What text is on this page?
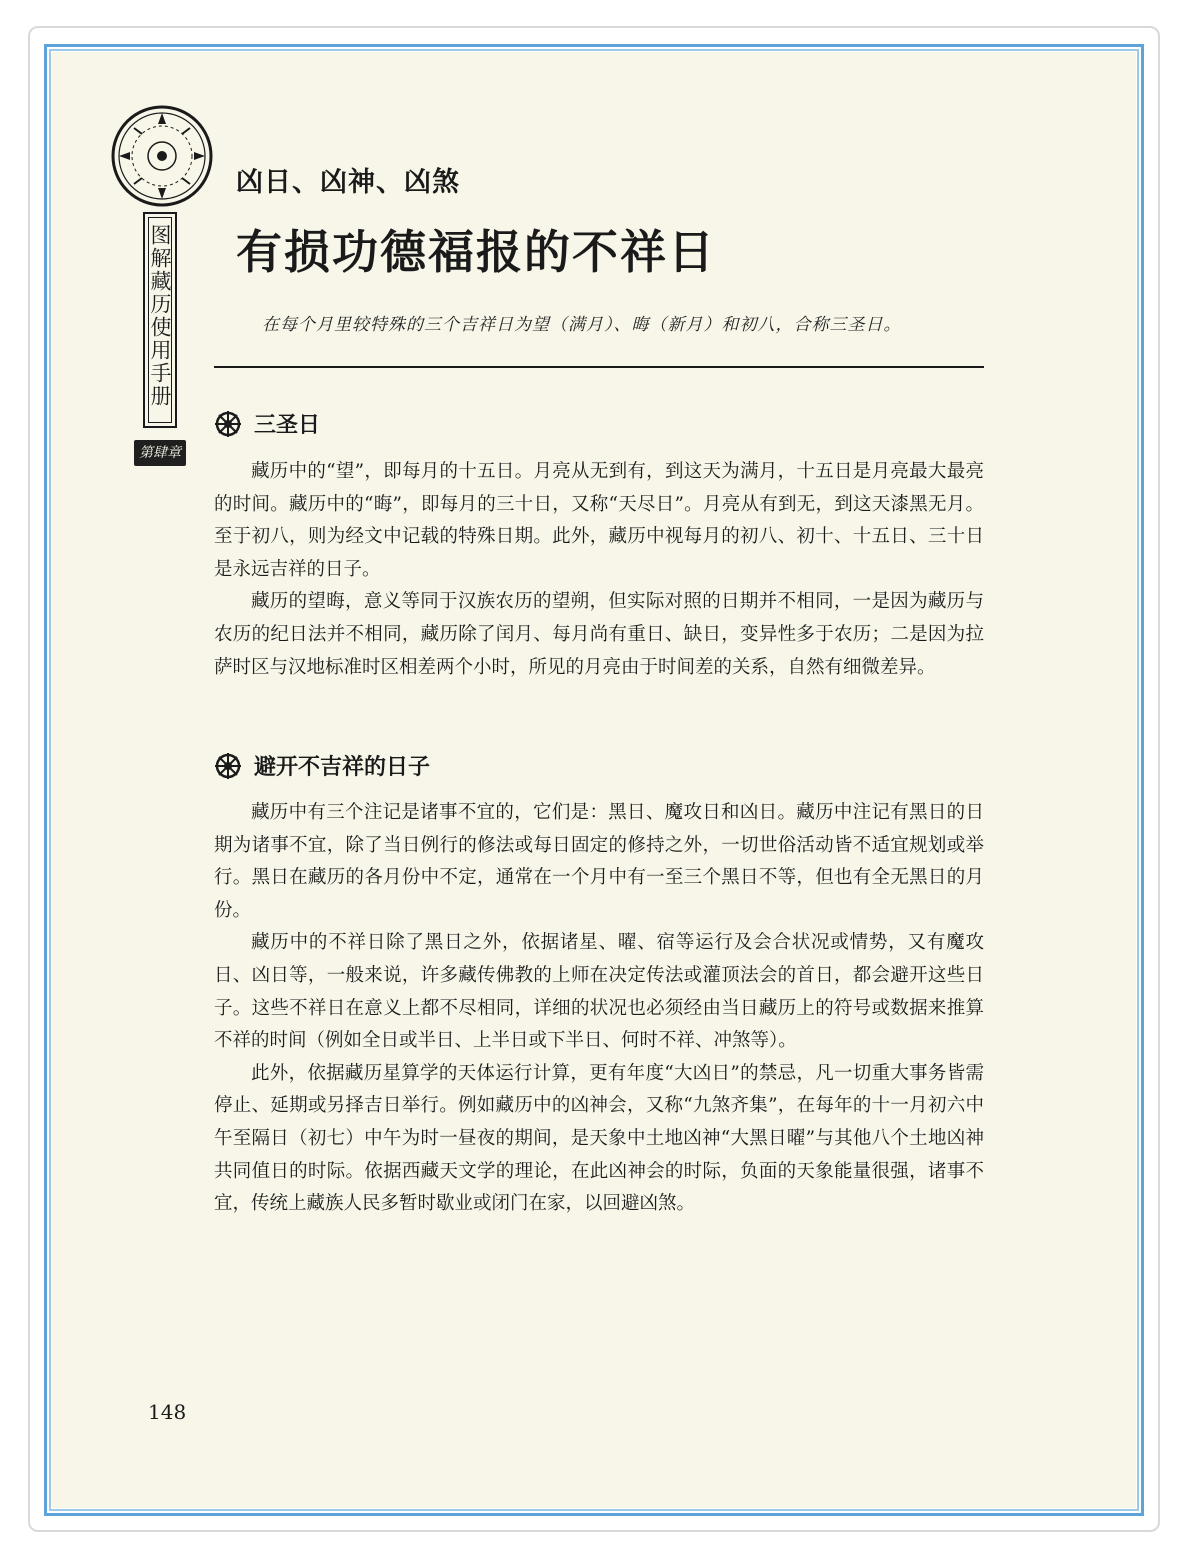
图解藏历使用手册
第肆章
凶日、凶神、凶煞
有损功德福报的不祥日
在每个月里较特殊的三个吉祥日为望（满月）、晦（新月）和初八，合称三圣日。
三圣日

藏历中的“望”，即每月的十五日。月亮从无到有，到这天为满月，十五日是月亮最大最亮的时间。藏历中的“晦”，即每月的三十日，又称“天尽日”。月亮从有到无，到这天漆黑无月。至于初八，则为经文中记载的特殊日期。此外，藏历中视每月的初八、初十、十五日、三十日是永远吉祥的日子。

藏历的望晦，意义等同于汉族农历的望朔，但实际对照的日期并不相同，一是因为藏历与农历的纪日法并不相同，藏历除了闰月、每月尚有重日、缺日，变异性多于农历；二是因为拉萨时区与汉地标准时区相差两个小时，所见的月亮由于时间差的关系，自然有细微差异。

避开不吉祥的日子

藏历中有三个注记是诸事不宜的，它们是：黑日、魔攻日和凶日。藏历中注记有黑日的日期为诸事不宜，除了当日例行的修法或每日固定的修持之外，一切世俗活动皆不适宜规划或举行。黑日在藏历的各月份中不定，通常在一个月中有一至三个黑日不等，但也有全无黑日的月份。

藏历中的不祥日除了黑日之外，依据诸星、曜、宿等运行及会合状况或情势，又有魔攻日、凶日等，一般来说，许多藏传佛教的上师在决定传法或灌顶法会的首日，都会避开这些日子。这些不祥日在意义上都不尽相同，详细的状况也必须经由当日藏历上的符号或数据来推算不祥的时间（例如全日或半日、上半日或下半日、何时不祥、冲煞等）。

此外，依据藏历星算学的天体运行计算，更有年度“大凶日”的禁忌，凡一切重大事务皆需停止、延期或另择吉日举行。例如藏历中的凶神会，又称“九煞齐集”，在每年的十一月初六中午至隔日（初七）中午为时一昼夜的期间，是天象中土地凶神“大黑日曜”与其他八个土地凶神共同值日的时际。依据西藏天文学的理论，在此凶神会的时际，负面的天象能量很强，诸事不宜，传统上藏族人民多暂时歇业或闭门在家，以回避凶煞。

148
